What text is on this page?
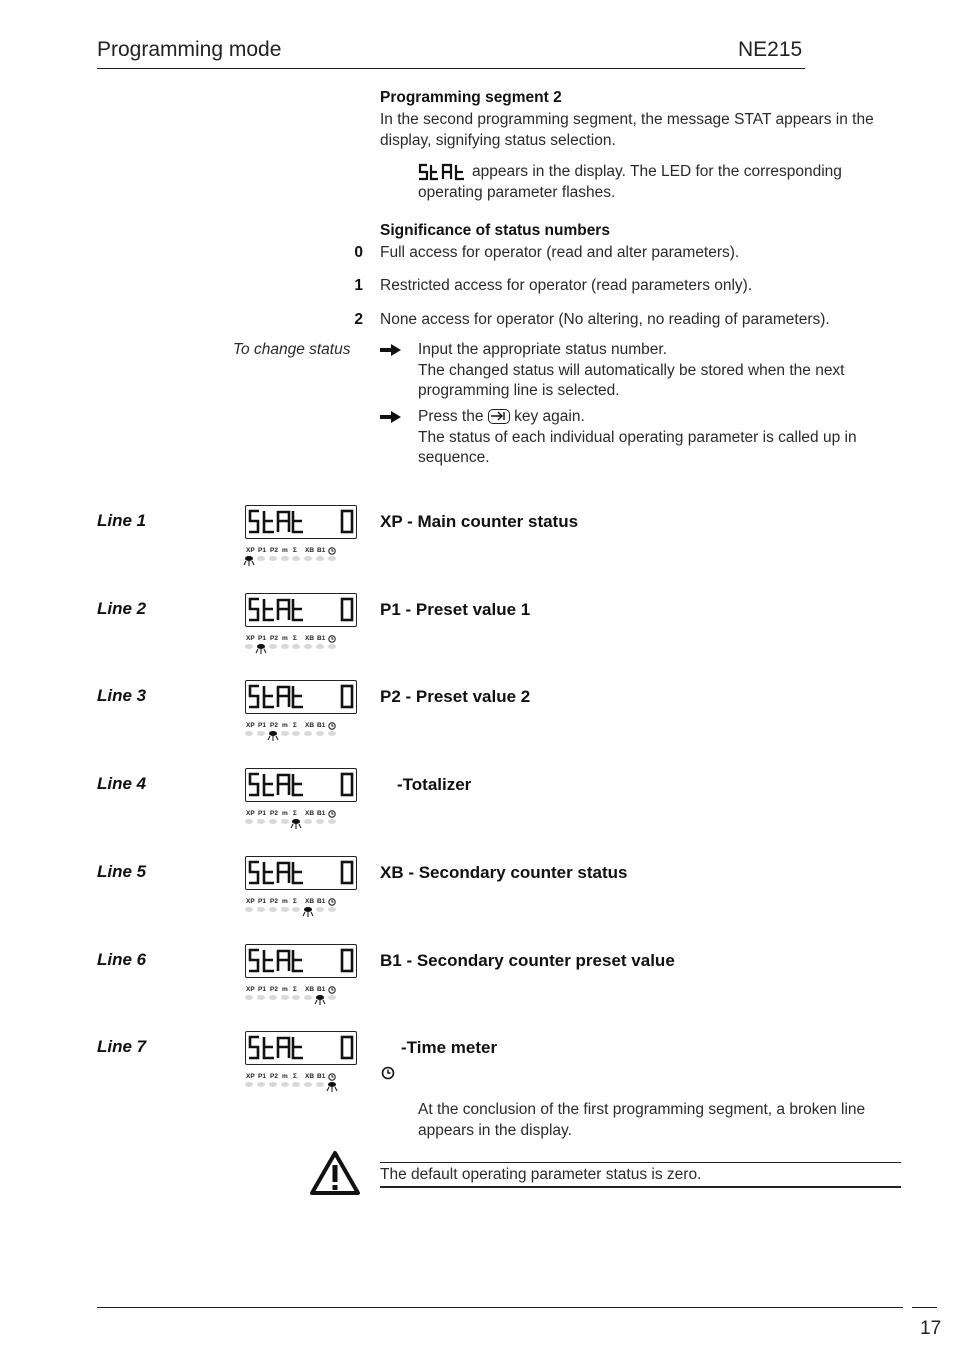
Programming mode	NE215
Programming segment 2
In the second programming segment, the message STAT appears in the display, signifying status selection.
appears in the display. The LED for the corresponding operating parameter flashes.
Significance of status numbers
0 Full access for operator (read and alter parameters).
1 Restricted access for operator (read parameters only).
2 None access for operator (No altering, no reading of parameters).
To change status	Input the appropriate status number.
The changed status will automatically be stored when the next programming line is selected.
Press the key again.
The status of each individual operating parameter is called up in sequence.
Line 1
XP P1 P2 m Σ XB B1
XP - Main counter status
Line 2
XP P1 P2 m Σ XB B1
P1 - Preset value 1
Line 3
XP P1 P2 m Σ XB B1
P2 - Preset value 2
Line 4
XP P1 P2 m Σ XB B1
-Totalizer
Line 5
XP P1 P2 m Σ XB B1
XB - Secondary counter status
Line 6
XP P1 P2 m Σ XB B1
B1 - Secondary counter preset value
Line 7
XP P1 P2 m Σ XB B1
-Time meter
At the conclusion of the first programming segment, a broken line appears in the display.
The default operating parameter status is zero.
17
